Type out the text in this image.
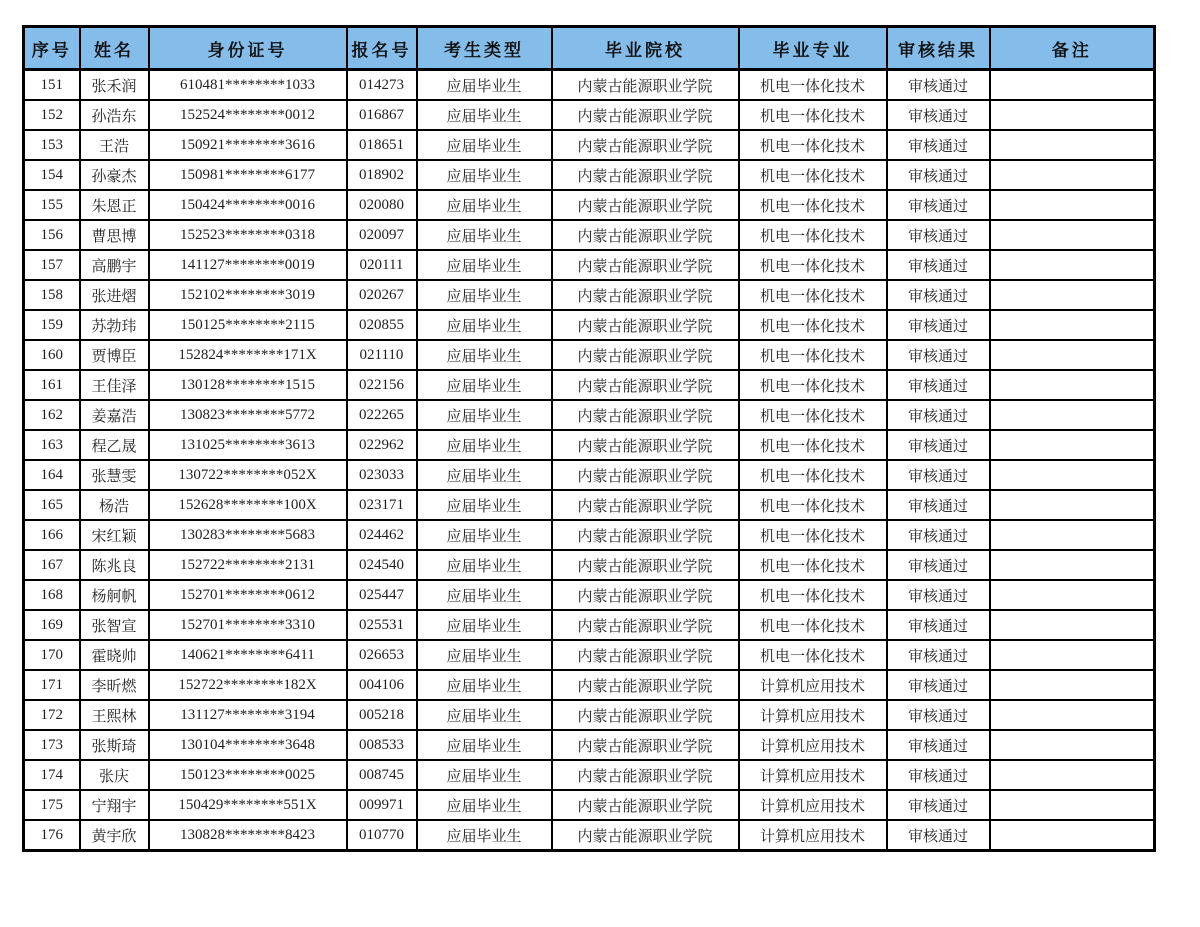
序号	姓名	身份证号	报名号	考生类型	毕业院校	毕业专业	审核结果	备注
151	张禾润	610481********1033	014273	应届毕业生	内蒙古能源职业学院	机电一体化技术	审核通过	
152	孙浩东	152524********0012	016867	应届毕业生	内蒙古能源职业学院	机电一体化技术	审核通过	
153	王浩	150921********3616	018651	应届毕业生	内蒙古能源职业学院	机电一体化技术	审核通过	
154	孙豪杰	150981********6177	018902	应届毕业生	内蒙古能源职业学院	机电一体化技术	审核通过	
155	朱恩正	150424********0016	020080	应届毕业生	内蒙古能源职业学院	机电一体化技术	审核通过	
156	曹思博	152523********0318	020097	应届毕业生	内蒙古能源职业学院	机电一体化技术	审核通过	
157	高鹏宇	141127********0019	020111	应届毕业生	内蒙古能源职业学院	机电一体化技术	审核通过	
158	张进熠	152102********3019	020267	应届毕业生	内蒙古能源职业学院	机电一体化技术	审核通过	
159	苏勃玮	150125********2115	020855	应届毕业生	内蒙古能源职业学院	机电一体化技术	审核通过	
160	贾博臣	152824********171X	021110	应届毕业生	内蒙古能源职业学院	机电一体化技术	审核通过	
161	王佳泽	130128********1515	022156	应届毕业生	内蒙古能源职业学院	机电一体化技术	审核通过	
162	姜嘉浩	130823********5772	022265	应届毕业生	内蒙古能源职业学院	机电一体化技术	审核通过	
163	程乙晟	131025********3613	022962	应届毕业生	内蒙古能源职业学院	机电一体化技术	审核通过	
164	张慧雯	130722********052X	023033	应届毕业生	内蒙古能源职业学院	机电一体化技术	审核通过	
165	杨浩	152628********100X	023171	应届毕业生	内蒙古能源职业学院	机电一体化技术	审核通过	
166	宋红颖	130283********5683	024462	应届毕业生	内蒙古能源职业学院	机电一体化技术	审核通过	
167	陈兆良	152722********2131	024540	应届毕业生	内蒙古能源职业学院	机电一体化技术	审核通过	
168	杨舸帆	152701********0612	025447	应届毕业生	内蒙古能源职业学院	机电一体化技术	审核通过	
169	张智宣	152701********3310	025531	应届毕业生	内蒙古能源职业学院	机电一体化技术	审核通过	
170	霍晓帅	140621********6411	026653	应届毕业生	内蒙古能源职业学院	机电一体化技术	审核通过	
171	李昕燃	152722********182X	004106	应届毕业生	内蒙古能源职业学院	计算机应用技术	审核通过	
172	王熙林	131127********3194	005218	应届毕业生	内蒙古能源职业学院	计算机应用技术	审核通过	
173	张斯琦	130104********3648	008533	应届毕业生	内蒙古能源职业学院	计算机应用技术	审核通过	
174	张庆	150123********0025	008745	应届毕业生	内蒙古能源职业学院	计算机应用技术	审核通过	
175	宁翔宇	150429********551X	009971	应届毕业生	内蒙古能源职业学院	计算机应用技术	审核通过	
176	黄宇欣	130828********8423	010770	应届毕业生	内蒙古能源职业学院	计算机应用技术	审核通过	
